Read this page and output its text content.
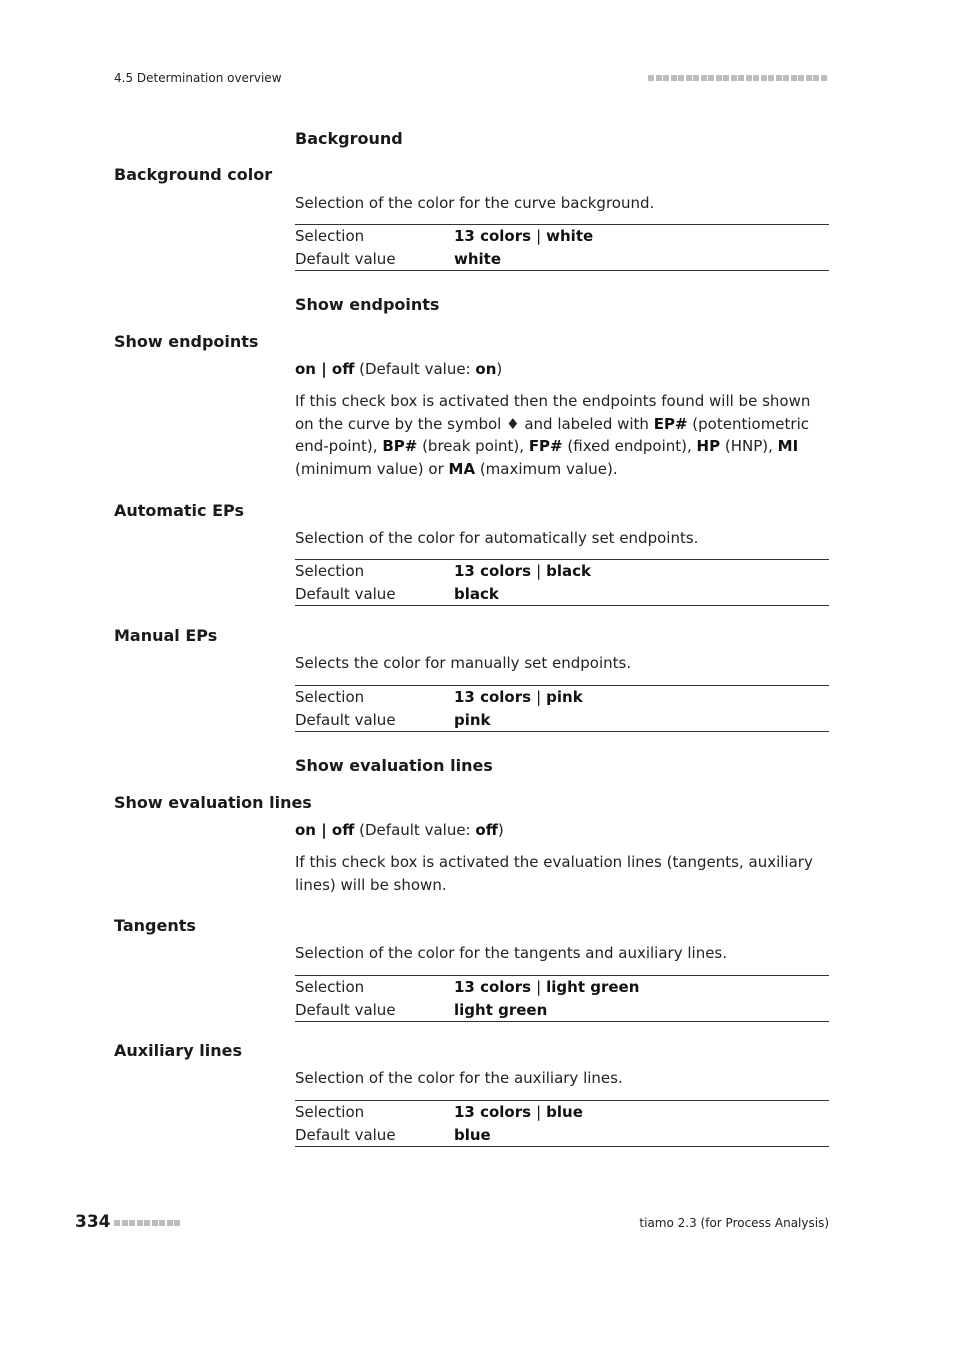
4.5 Determination overview
Background
Background color
Selection of the color for the curve background.
Selection	13 colors | white
Default value	white
Show endpoints
Show endpoints
on | off (Default value: on)
If this check box is activated then the endpoints found will be shown on the curve by the symbol ♦ and labeled with EP# (potentiometric end-point), BP# (break point), FP# (fixed endpoint), HP (HNP), MI (minimum value) or MA (maximum value).
Automatic EPs
Selection of the color for automatically set endpoints.
Selection	13 colors | black
Default value	black
Manual EPs
Selects the color for manually set endpoints.
Selection	13 colors | pink
Default value	pink
Show evaluation lines
Show evaluation lines
on | off (Default value: off)
If this check box is activated the evaluation lines (tangents, auxiliary lines) will be shown.
Tangents
Selection of the color for the tangents and auxiliary lines.
Selection	13 colors | light green
Default value	light green
Auxiliary lines
Selection of the color for the auxiliary lines.
Selection	13 colors | blue
Default value	blue
334	tiamo 2.3 (for Process Analysis)
